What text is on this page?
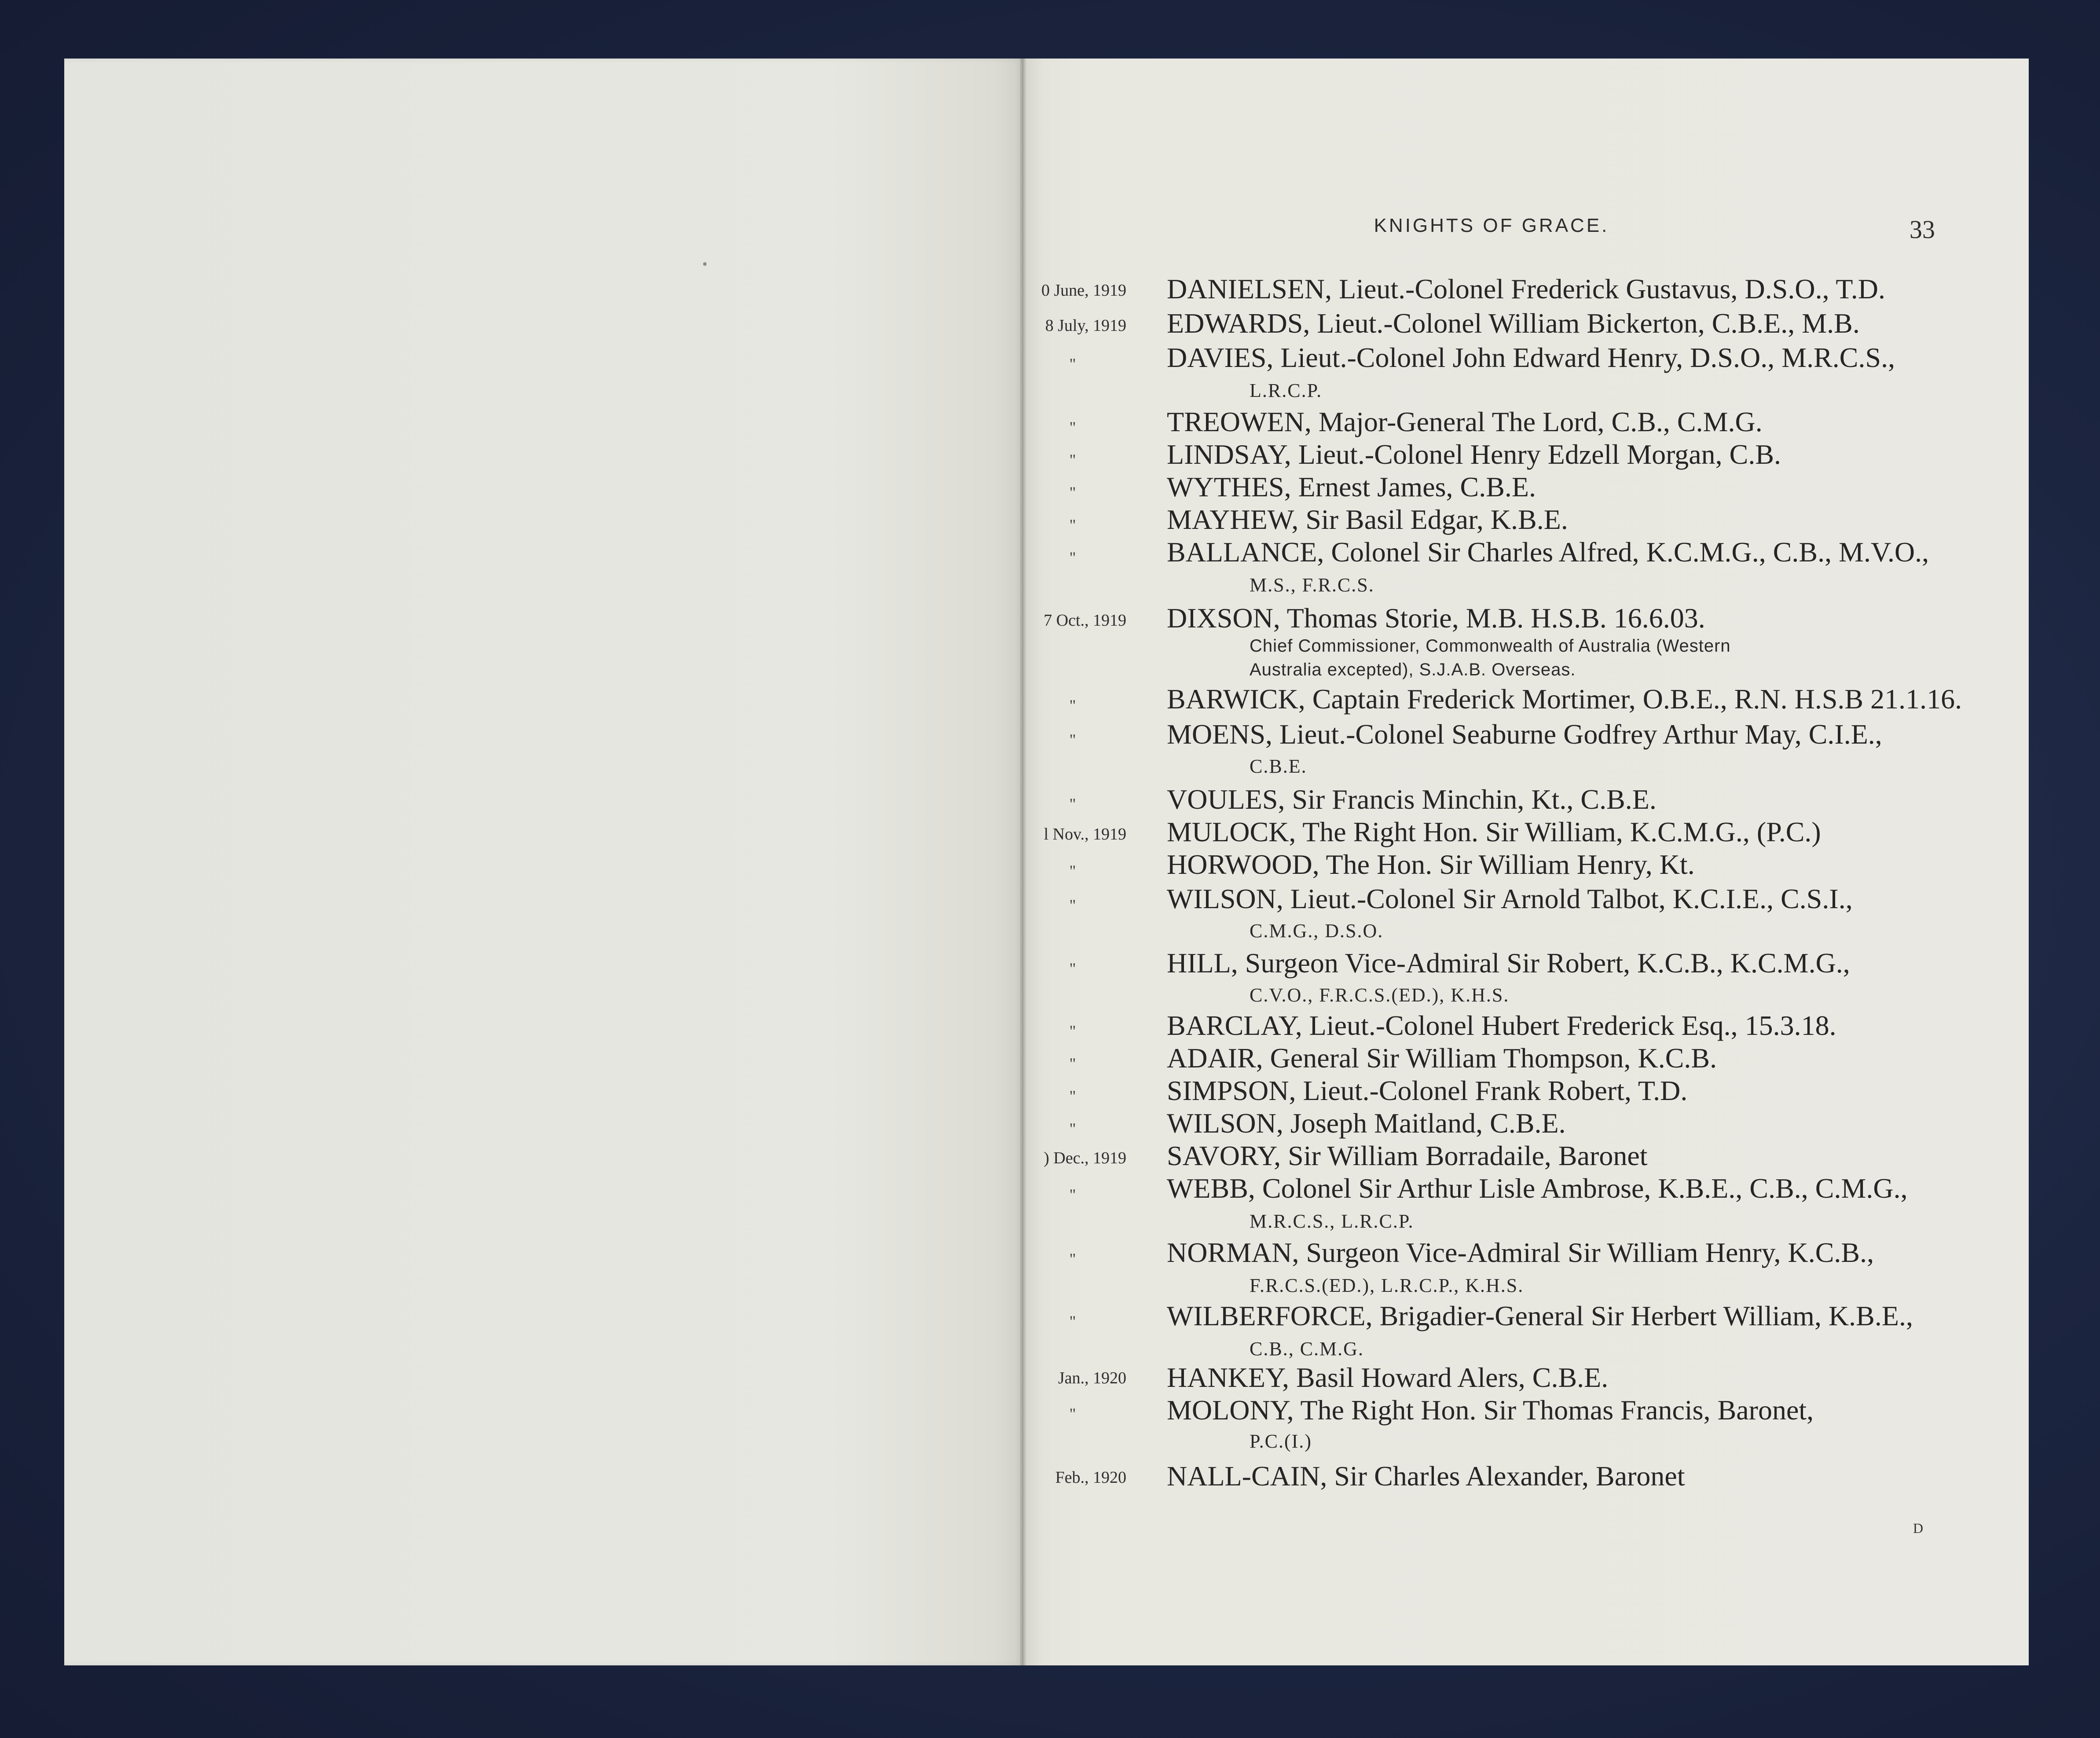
KNIGHTS OF GRACE.	33
0 June, 1919 DANIELSEN, Lieut.-Colonel Frederick Gustavus, D.S.O., T.D.
8 July, 1919 EDWARDS, Lieut.-Colonel William Bickerton, C.B.E., M.B.
"	DAVIES, Lieut.-Colonel John Edward Henry, D.S.O., M.R.C.S.,
L.R.C.P.
"	TREOWEN, Major-General The Lord, C.B., C.M.G.
"	LINDSAY, Lieut.-Colonel Henry Edzell Morgan, C.B.
"	WYTHES, Ernest James, C.B.E.
"	MAYHEW, Sir Basil Edgar, K.B.E.
"	BALLANCE, Colonel Sir Charles Alfred, K.C.M.G., C.B., M.V.O.,
M.S., F.R.C.S.
7 Oct., 1919 DIXSON, Thomas Storie, M.B. H.S.B. 16.6.03.
Chief Commissioner, Commonwealth of Australia (Western
Australia excepted), S.J.A.B. Overseas.
"	BARWICK, Captain Frederick Mortimer, O.B.E., R.N. H.S.B 21.1.16.
"	MOENS, Lieut.-Colonel Seaburne Godfrey Arthur May, C.I.E.,
C.B.E.
"	VOULES, Sir Francis Minchin, Kt., C.B.E.
l Nov., 1919 MULOCK, The Right Hon. Sir William, K.C.M.G., (P.C.)
"	HORWOOD, The Hon. Sir William Henry, Kt.
"	WILSON, Lieut.-Colonel Sir Arnold Talbot, K.C.I.E., C.S.I.,
C.M.G., D.S.O.
"	HILL, Surgeon Vice-Admiral Sir Robert, K.C.B., K.C.M.G.,
C.V.O., F.R.C.S.(ED.), K.H.S.
"	BARCLAY, Lieut.-Colonel Hubert Frederick Esq., 15.3.18.
"	ADAIR, General Sir William Thompson, K.C.B.
"	SIMPSON, Lieut.-Colonel Frank Robert, T.D.
"	WILSON, Joseph Maitland, C.B.E.
) Dec., 1919 SAVORY, Sir William Borradaile, Baronet
"	WEBB, Colonel Sir Arthur Lisle Ambrose, K.B.E., C.B., C.M.G.,
M.R.C.S., L.R.C.P.
"	NORMAN, Surgeon Vice-Admiral Sir William Henry, K.C.B.,
F.R.C.S.(ED.), L.R.C.P., K.H.S.
"	WILBERFORCE, Brigadier-General Sir Herbert William, K.B.E.,
C.B., C.M.G.
Jan., 1920 HANKEY, Basil Howard Alers, C.B.E.
"	MOLONY, The Right Hon. Sir Thomas Francis, Baronet,
P.C.(I.)
Feb., 1920 NALL-CAIN, Sir Charles Alexander, Baronet
D
